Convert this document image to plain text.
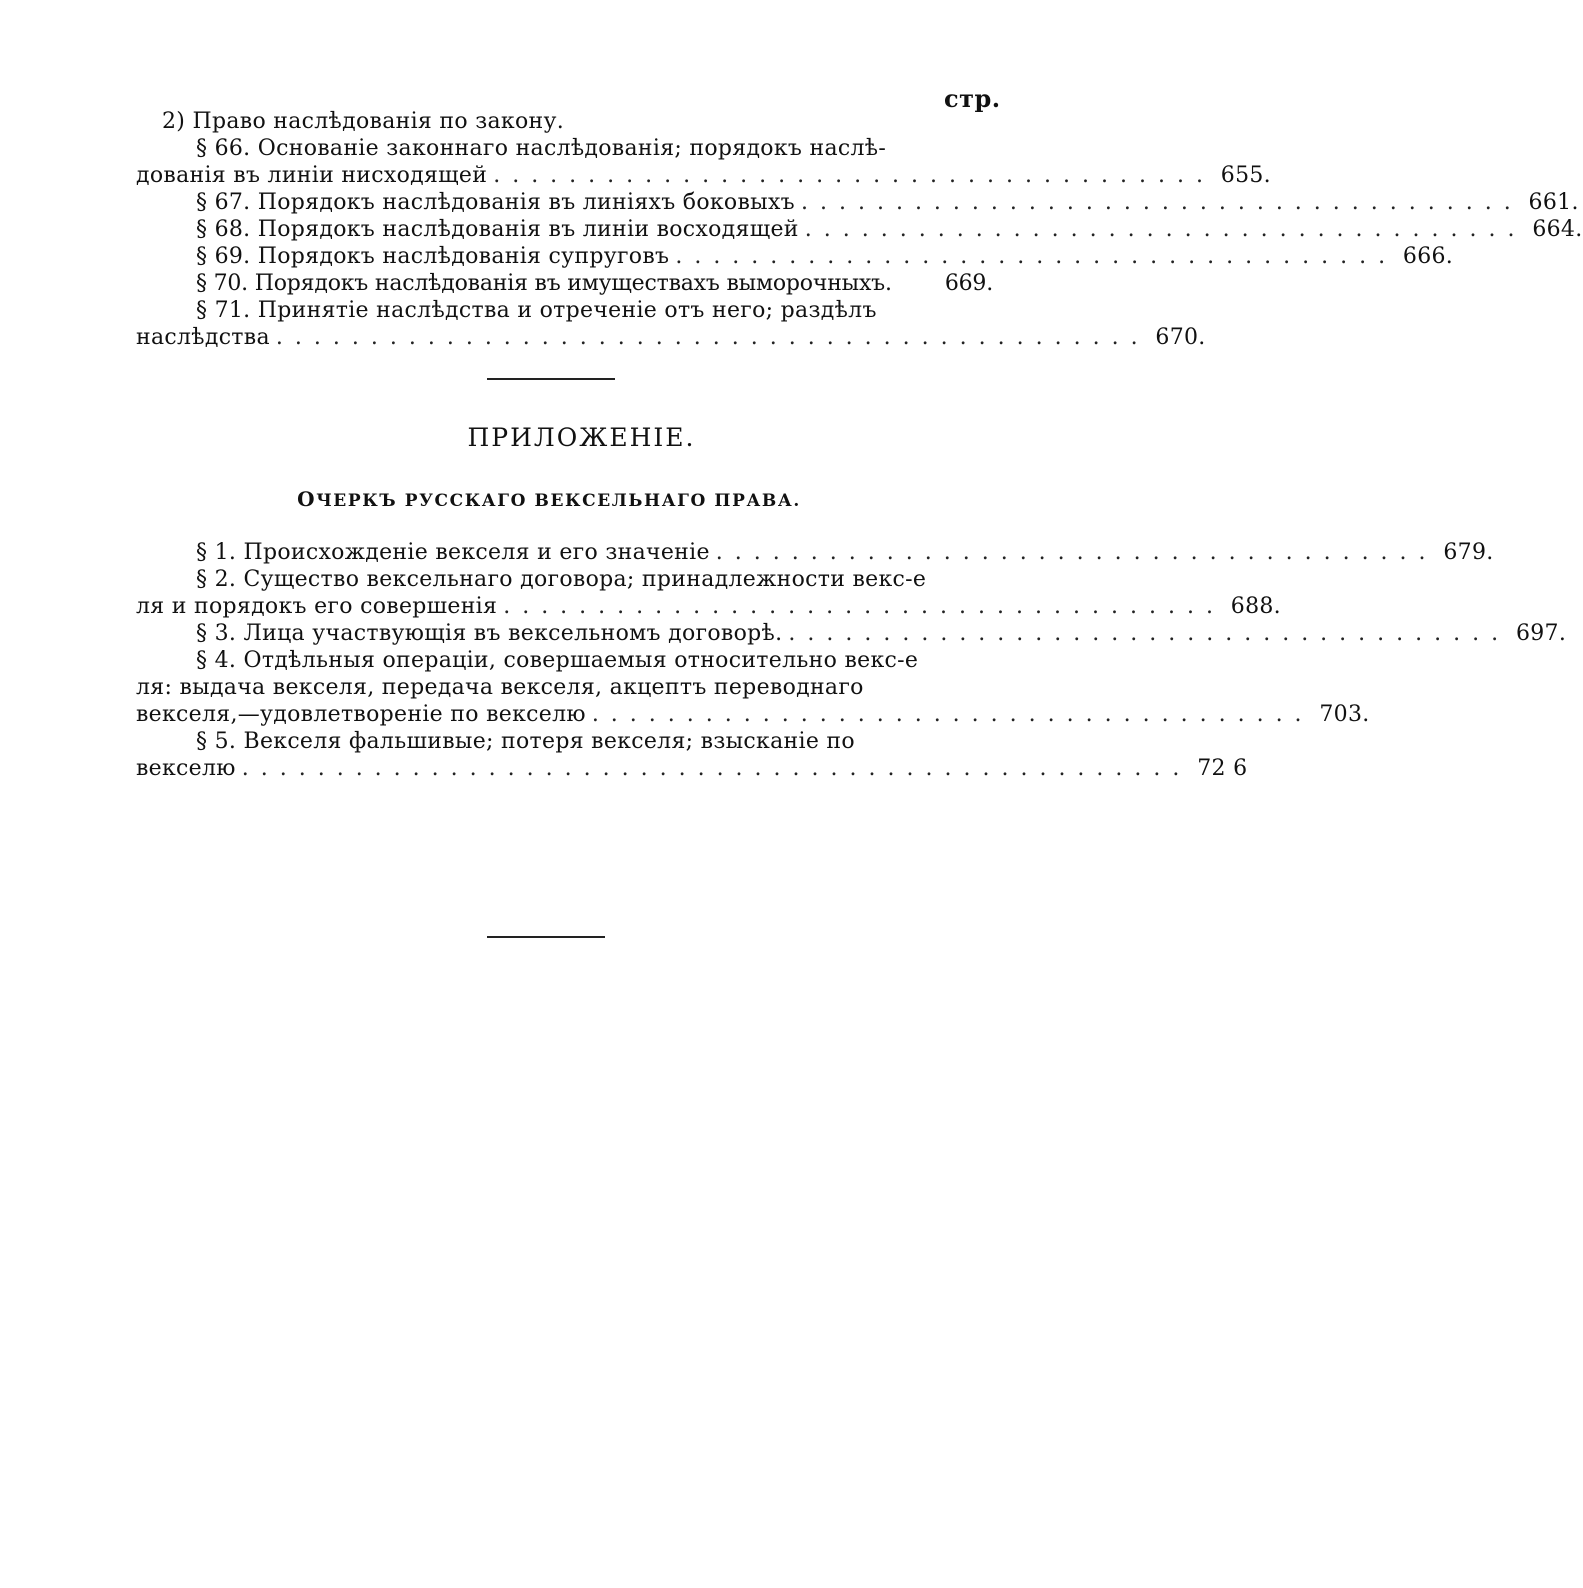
стр.
2) Право наслѣдованія по закону.
§ 66. Основаніе законнаго наслѣдованія; порядокъ наслѣ-
дованія въ линіи нисходящей ...................................... 655.
§ 67. Порядокъ наслѣдованія въ линіяхъ боковыхъ ...................................... 661.
§ 68. Порядокъ наслѣдованія въ линіи восходящей ...................................... 664.
§ 69. Порядокъ наслѣдованія супруговъ ...................................... 666.
§ 70. Порядокъ наслѣдованія въ имуществахъ выморочныхъ.	669.
§ 71. Принятіе наслѣдства и отреченіе отъ него; раздѣлъ
наслѣдства .............................................. 670.
ПРИЛОЖЕНІЕ.
ОЧЕРКЪ РУССКАГО ВЕКСЕЛЬНАГО ПРАВА.
§ 1. Происхожденіе векселя и его значеніе ...................................... 679.
§ 2. Существо вексельнаго договора; принадлежности векс-е
ля и порядокъ его совершенія ...................................... 688.
§ 3. Лица участвующія въ вексельномъ договорѣ. ...................................... 697.
§ 4. Отдѣльныя операціи, совершаемыя относительно векс-е
ля: выдача векселя, передача векселя, акцептъ переводнаго
векселя,—удовлетвореніе по векселю ...................................... 703.
§ 5. Векселя фальшивые; потеря векселя; взысканіе по
векселю .................................................. 72 6
